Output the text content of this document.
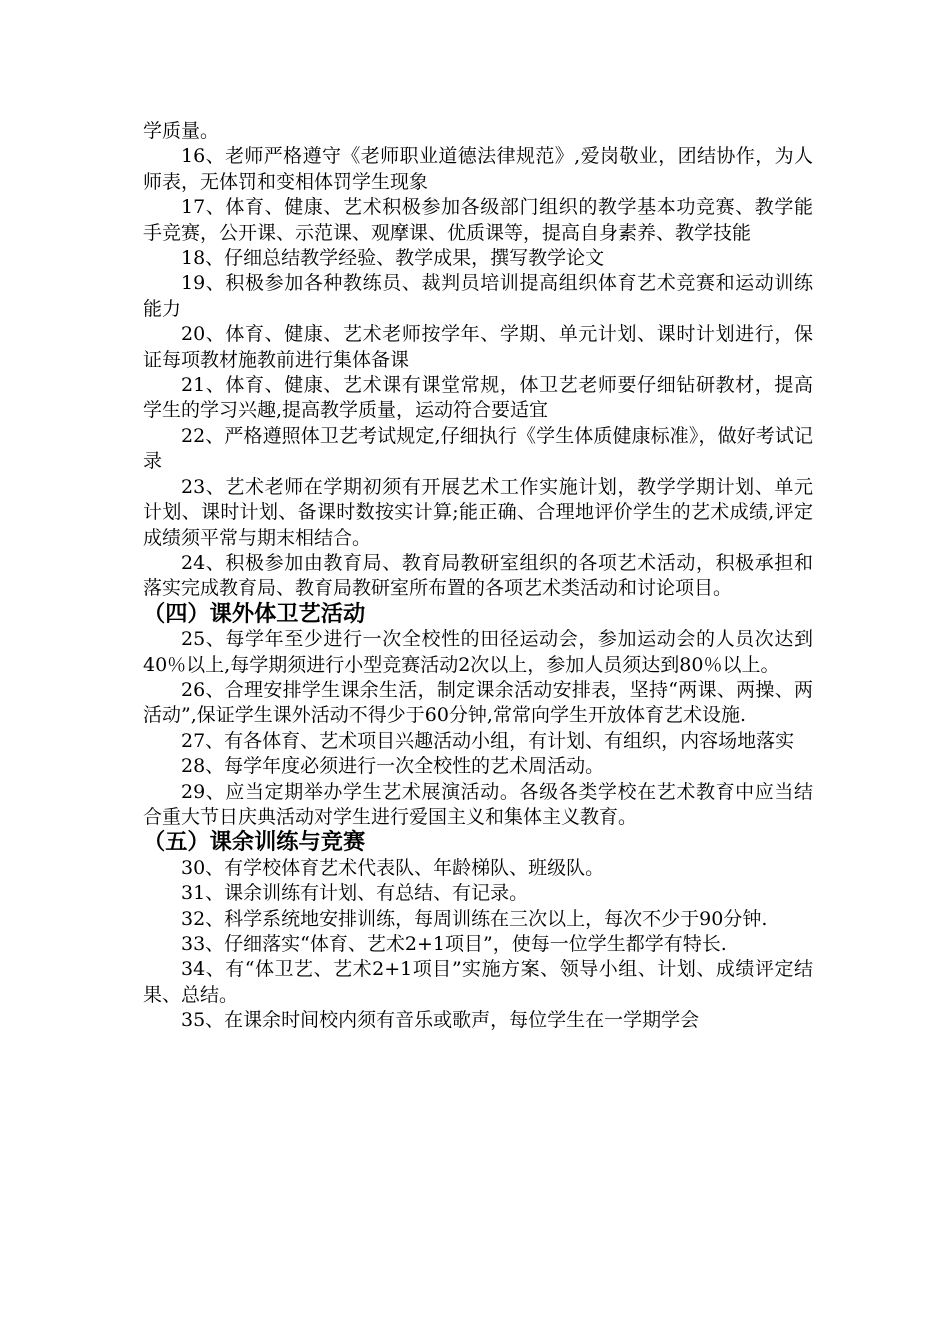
学质量。

16、老师严格遵守《老师职业道德法律规范》,爱岗敬业，团结协作，为人师表，无体罚和变相体罚学生现象

17、体育、健康、艺术积极参加各级部门组织的教学基本功竞赛、教学能手竞赛，公开课、示范课、观摩课、优质课等，提高自身素养、教学技能

18、仔细总结教学经验、教学成果，撰写教学论文

19、积极参加各种教练员、裁判员培训提高组织体育艺术竞赛和运动训练能力

20、体育、健康、艺术老师按学年、学期、单元计划、课时计划进行，保证每项教材施教前进行集体备课

21、体育、健康、艺术课有课堂常规，体卫艺老师要仔细钻研教材，提高学生的学习兴趣,提高教学质量，运动符合要适宜

22、严格遵照体卫艺考试规定,仔细执行《学生体质健康标准》，做好考试记录

23、艺术老师在学期初须有开展艺术工作实施计划，教学学期计划、单元计划、课时计划、备课时数按实计算;能正确、合理地评价学生的艺术成绩,评定成绩须平常与期末相结合。

24、积极参加由教育局、教育局教研室组织的各项艺术活动，积极承担和落实完成教育局、教育局教研室所布置的各项艺术类活动和讨论项目。

（四）课外体卫艺活动

25、每学年至少进行一次全校性的田径运动会，参加运动会的人员次达到40％以上,每学期须进行小型竞赛活动2次以上，参加人员须达到80％以上。

26、合理安排学生课余生活，制定课余活动安排表，坚持“两课、两操、两活动”,保证学生课外活动不得少于60分钟,常常向学生开放体育艺术设施.

27、有各体育、艺术项目兴趣活动小组，有计划、有组织，内容场地落实

28、每学年度必须进行一次全校性的艺术周活动。

29、应当定期举办学生艺术展演活动。各级各类学校在艺术教育中应当结合重大节日庆典活动对学生进行爱国主义和集体主义教育。

（五）课余训练与竞赛

30、有学校体育艺术代表队、年龄梯队、班级队。

31、课余训练有计划、有总结、有记录。

32、科学系统地安排训练，每周训练在三次以上，每次不少于90分钟.

33、仔细落实“体育、艺术2+1项目”，使每一位学生都学有特长.

34、有“体卫艺、艺术2+1项目”实施方案、领导小组、计划、成绩评定结果、总结。

35、在课余时间校内须有音乐或歌声，每位学生在一学期学会
